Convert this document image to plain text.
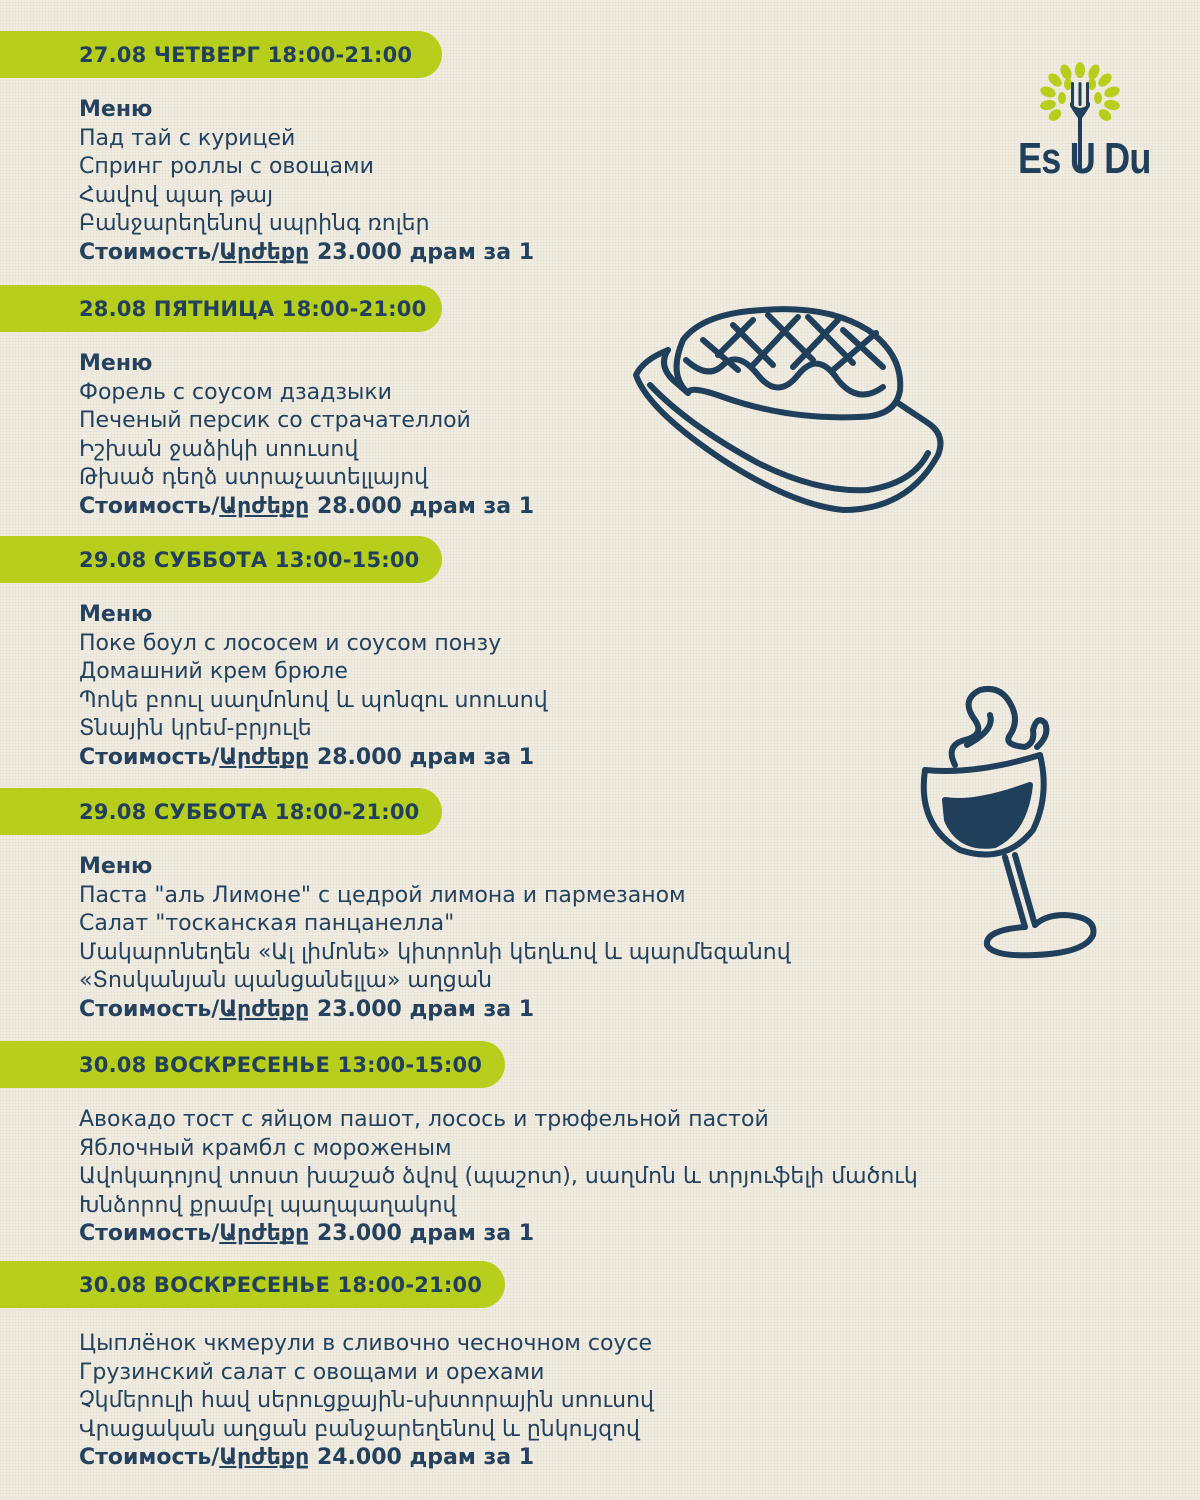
Es U Du
27.08 ЧЕТВЕРГ 18:00-21:00
Меню
Пад тай с курицей
Спринг роллы с овощами
Հավով պադ թայ
Բանջարեղենով սպրինգ ռոլեր
Стоимость/Արժեքը 23.000 драм за 1
28.08 ПЯТНИЦА 18:00-21:00
Меню
Форель с соусом дзадзыки
Печеный персик со страчателлой
Իշխան ջաձիկի սոուսով
Թխած դեղձ ստրաչատելլայով
Стоимость/Արժեքը 28.000 драм за 1
29.08 СУББОТА 13:00-15:00
Меню
Поке боул с лососем и соусом понзу
Домашний крем брюле
Պոկե բոուլ սաղմոնով և պոնզու սոուսով
Տնային կրեմ-բրյուլե
Стоимость/Արժեքը 28.000 драм за 1
29.08 СУББОТА 18:00-21:00
Меню
Паста "аль Лимоне" с цедрой лимона и пармезаном
Салат "тосканская панцанелла"
Մակարոնեղեն «Ալ լիմոնե» կիտրոնի կեղևով և պարմեզանով
«Տոսկանյան պանցանելլա» աղցան
Стоимость/Արժեքը 23.000 драм за 1
30.08 ВОСКРЕСЕНЬЕ 13:00-15:00
Авокадо тост с яйцом пашот, лосось и трюфельной пастой
Яблочный крамбл с мороженым
Ավոկադոյով տոստ խաշած ձվով (պաշոտ), սաղմոն և տրյուֆելի մածուկ
Խնձորով քրամբլ պաղպաղակով
Стоимость/Արժեքը 23.000 драм за 1
30.08 ВОСКРЕСЕНЬЕ 18:00-21:00
Цыплёнок чкмерули в сливочно чесночном соусе
Грузинский салат с овощами и орехами
Չկմերուլի հավ սերուցքային-սխտորային սոուսով
Վրացական աղցան բանջարեղենով և ընկույզով
Стоимость/Արժեքը 24.000 драм за 1
